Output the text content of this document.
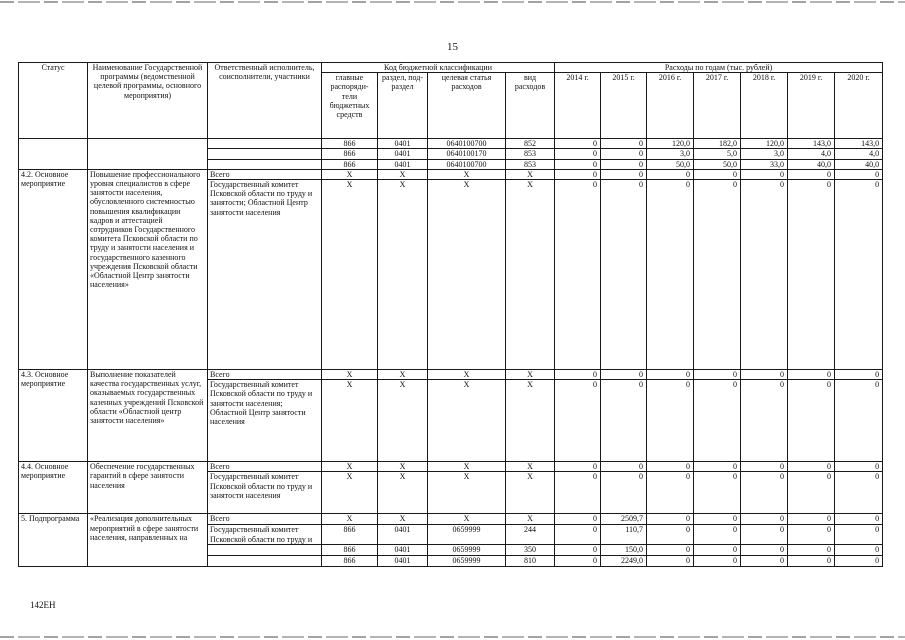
15
Статус	Наименование Государственной программы (ведомственной целевой программы, основного мероприятия)	Ответственный исполнитель, соисполнители, участники	Код бюджетной классификации				Расходы по годам (тыс. рублей)						
			главные распоряди-тели бюджетных средств	раздел, под-раздел	целевая статья расходов	вид расходов	2014 г.	2015 г.	2016 г.	2017 г.	2018 г.	2019 г.	2020 г.
			866	0401	0640100700	852	0	0	120,0	182,0	120,0	143,0	143,0
			866	0401	0640100170	853	0	0	3,0	5,0	3,0	4,0	4,0
			866	0401	0640100700	853	0	0	50,0	50,0	33,0	40,0	40,0
4.2. Основное мероприятие	Повышение профессионального уровня специалистов в сфере занятости населения, обусловленного системностью повышения квалификации кадров и аттестацией сотрудников Государственного комитета Псковской области по труду и занятости населения и государственного казенного учреждения Псковской области «Областной Центр занятости населения»	Всего	Х	Х	Х	Х	0	0	0	0	0	0	0
		Государственный комитет Псковской области по труду и занятости; Областной Центр занятости населения	Х	Х	Х	Х	0	0	0	0	0	0	0
4.3. Основное мероприятие	Выполнение показателей качества государственных услуг, оказываемых государственных казенных учреждений Псковской области «Областной центр занятости населения»	Всего	Х	Х	Х	Х	0	0	0	0	0	0	0
		Государственный комитет Псковской области по труду и занятости населения; Областной Центр занятости населения	Х	Х	Х	Х	0	0	0	0	0	0	0
4.4. Основное мероприятие	Обеспечение государственных гарантий в сфере занятости населения	Всего	Х	Х	Х	Х	0	0	0	0	0	0	0
		Государственный комитет Псковской области по труду и занятости населения	Х	Х	Х	Х	0	0	0	0	0	0	0
5. Подпрограмма	«Реализация дополнительных мероприятий в сфере занятости населения, направленных на	Всего	Х	Х	Х	Х	0	2509,7	0	0	0	0	0
		Государственный комитет Псковской области по труду и	866	0401	0659999	244	0	110,7	0	0	0	0	0
			866	0401	0659999	350	0	150,0	0	0	0	0	0
			866	0401	0659999	810	0	2249,0	0	0	0	0	0
142ЕН
